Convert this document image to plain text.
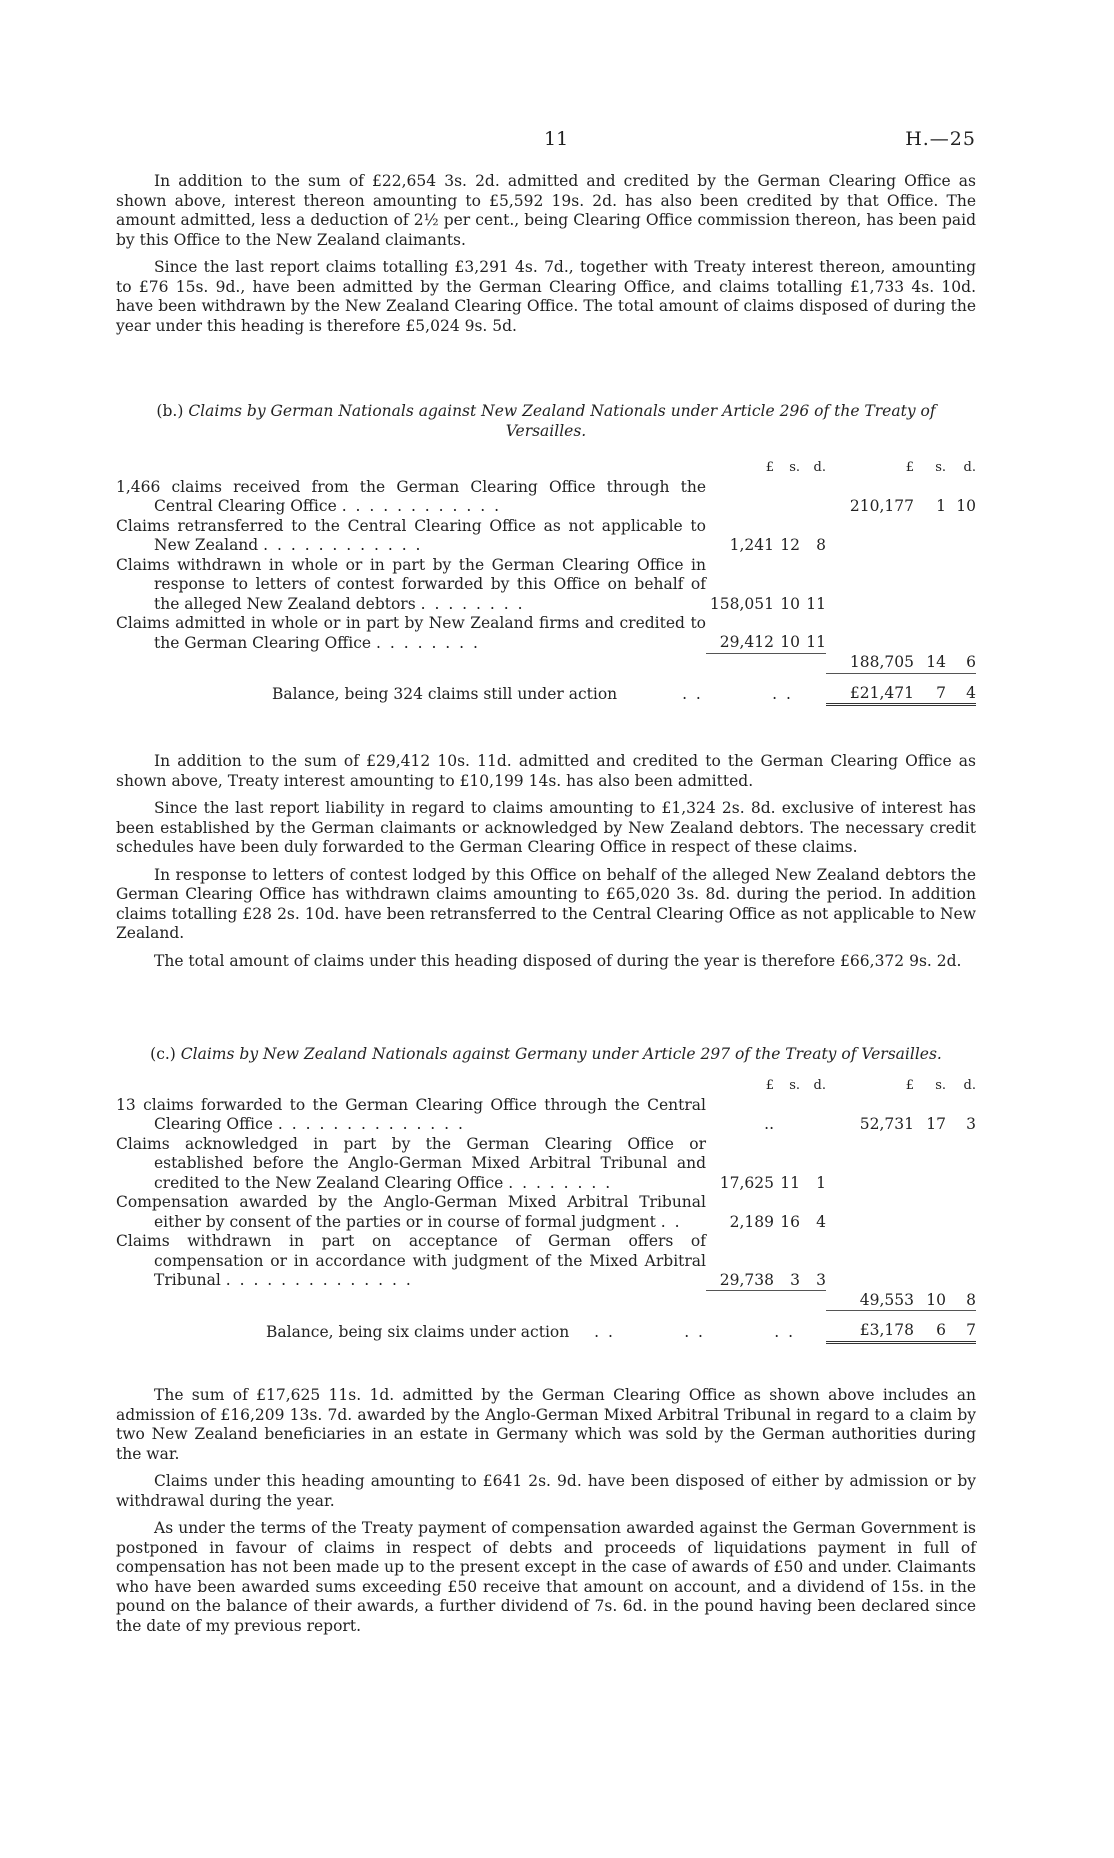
11	H.—25

In addition to the sum of £22,654 3s. 2d. admitted and credited by the German Clearing Office as shown above, interest thereon amounting to £5,592 19s. 2d. has also been credited by that Office. The amount admitted, less a deduction of 2½ per cent., being Clearing Office commission thereon, has been paid by this Office to the New Zealand claimants.

Since the last report claims totalling £3,291 4s. 7d., together with Treaty interest thereon, amounting to £76 15s. 9d., have been admitted by the German Clearing Office, and claims totalling £1,733 4s. 10d. have been withdrawn by the New Zealand Clearing Office. The total amount of claims disposed of during the year under this heading is therefore £5,024 9s. 5d.

(b.) Claims by German Nationals against New Zealand Nationals under Article 296 of the Treaty of Versailles.
	£	s.	d.	£	s.	d.

1,466 claims received from the German Clearing Office through the Central Clearing Office . . . . . . . . . . . .				210,177	1	10

Claims retransferred to the Central Clearing Office as not applicable to New Zealand . . . . . . . . . . . .	1,241	12	8			

Claims withdrawn in whole or in part by the German Clearing Office in response to letters of contest forwarded by this Office on behalf of the alleged New Zealand debtors . . . . . . . .	158,051	10	11			

Claims admitted in whole or in part by New Zealand firms and credited to the German Clearing Office . . . . . . . .	29,412	10	11			
				188,705	14	6
Balance, being 324 claims still under action . .          . .				£21,471	7	4

In addition to the sum of £29,412 10s. 11d. admitted and credited to the German Clearing Office as shown above, Treaty interest amounting to £10,199 14s. has also been admitted.

Since the last report liability in regard to claims amounting to £1,324 2s. 8d. exclusive of interest has been established by the German claimants or acknowledged by New Zealand debtors. The necessary credit schedules have been duly forwarded to the German Clearing Office in respect of these claims.

In response to letters of contest lodged by this Office on behalf of the alleged New Zealand debtors the German Clearing Office has withdrawn claims amounting to £65,020 3s. 8d. during the period. In addition claims totalling £28 2s. 10d. have been retransferred to the Central Clearing Office as not applicable to New Zealand.

The total amount of claims under this heading disposed of during the year is therefore £66,372 9s. 2d.

(c.) Claims by New Zealand Nationals against Germany under Article 297 of the Treaty of Versailles.
	£	s.	d.	£	s.	d.

13 claims forwarded to the German Clearing Office through the Central Clearing Office . . . . . . . . . . . . . .	..			52,731	17	3

Claims acknowledged in part by the German Clearing Office or established before the Anglo-German Mixed Arbitral Tribunal and credited to the New Zealand Clearing Office . . . . . . . .	17,625	11	1			

Compensation awarded by the Anglo-German Mixed Arbitral Tribunal either by consent of the parties or in course of formal judgment . .	2,189	16	4			

Claims withdrawn in part on acceptance of German offers of compensation or in accordance with judgment of the Mixed Arbitral Tribunal . . . . . . . . . . . . . .	29,738	3	3			
				49,553	10	8
Balance, being six claims under action . .          . .          . .				£3,178	6	7

The sum of £17,625 11s. 1d. admitted by the German Clearing Office as shown above includes an admission of £16,209 13s. 7d. awarded by the Anglo-German Mixed Arbitral Tribunal in regard to a claim by two New Zealand beneficiaries in an estate in Germany which was sold by the German authorities during the war.

Claims under this heading amounting to £641 2s. 9d. have been disposed of either by admission or by withdrawal during the year.

As under the terms of the Treaty payment of compensation awarded against the German Government is postponed in favour of claims in respect of debts and proceeds of liquidations payment in full of compensation has not been made up to the present except in the case of awards of £50 and under. Claimants who have been awarded sums exceeding £50 receive that amount on account, and a dividend of 15s. in the pound on the balance of their awards, a further dividend of 7s. 6d. in the pound having been declared since the date of my previous report.
